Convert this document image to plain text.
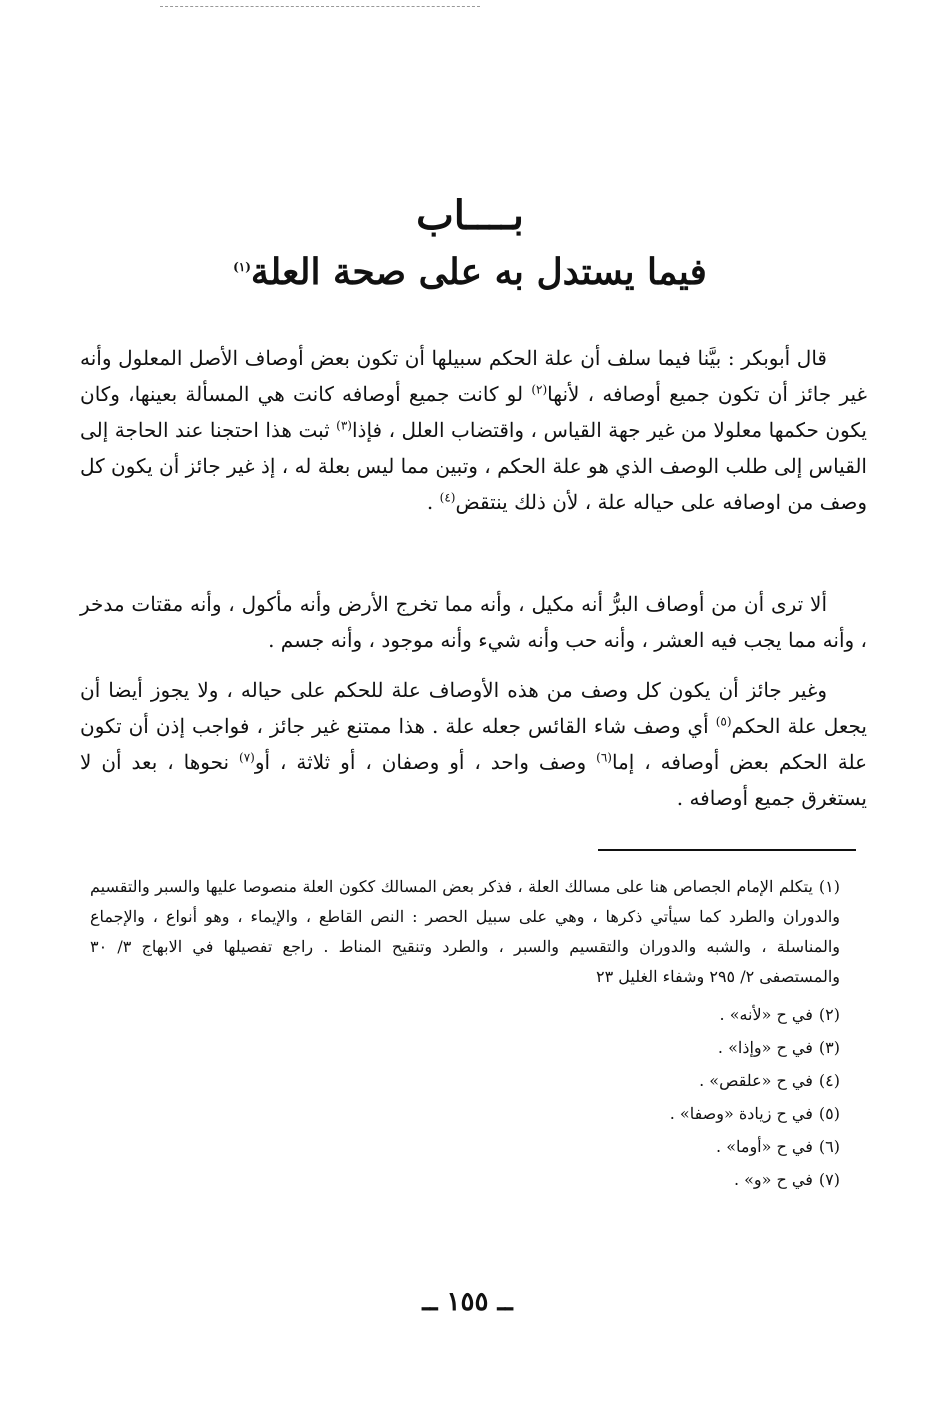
بــــاب
فيما يستدل به على صحة العلة$^{(١)}$

قال أبوبكر : بيَّنا فيما سلف أن علة الحكم سبيلها أن تكون بعض أوصاف الأصل المعلول وأنه غير جائز أن تكون جميع أوصافه ، لأنها$^{(٢)}$ لو كانت جميع أوصافه كانت هي المسألة بعينها، وكان يكون حكمها معلولا من غير جهة القياس ، واقتضاب العلل ، فإذا$^{(٣)}$ ثبت هذا احتجنا عند الحاجة إلى القياس إلى طلب الوصف الذي هو علة الحكم ، وتبين مما ليس بعلة له ، إذ غير جائز أن يكون كل وصف من اوصافه على حياله علة ، لأن ذلك ينتقض$^{(٤)}$ .

ألا ترى أن من أوصاف البرُّ أنه مكيل ، وأنه مما تخرج الأرض وأنه مأكول ، وأنه مقتات مدخر ، وأنه مما يجب فيه العشر ، وأنه حب وأنه شيء وأنه موجود ، وأنه جسم .

وغير جائز أن يكون كل وصف من هذه الأوصاف علة للحكم على حياله ، ولا يجوز أيضا أن يجعل علة الحكم$^{(٥)}$ أي وصف شاء القائس جعله علة . هذا ممتنع غير جائز ، فواجب إذن أن تكون علة الحكم بعض أوصافه ، إما$^{(٦)}$ وصف واحد ، أو وصفان ، أو ثلاثة ، أو$^{(٧)}$ نحوها ، بعد أن لا يستغرق جميع أوصافه .

(١)يتكلم الإمام الجصاص هنا على مسالك العلة ، فذكر بعض المسالك ككون العلة منصوصا عليها والسبر والتقسيم والدوران والطرد كما سيأتي ذكرها ، وهي على سبيل الحصر : النص القاطع ، والإيماء ، وهو أنواع ، والإجماع والمناسلة ، والشبه والدوران والتقسيم والسبر ، والطرد وتنقيح المناط . راجع تفصيلها في الابهاج ٣/ ٣٠ والمستصفى ٢/ ٢٩٥ وشفاء الغليل ٢٣

(٢)في ح «لأنه» .
(٣)في ح «وإذا» .
(٤)في ح «علقص» .
(٥)في ح زيادة «وصفا» .
(٦)في ح «أوما» .
(٧)في ح «و» .
ــ ١٥٥ ــ
